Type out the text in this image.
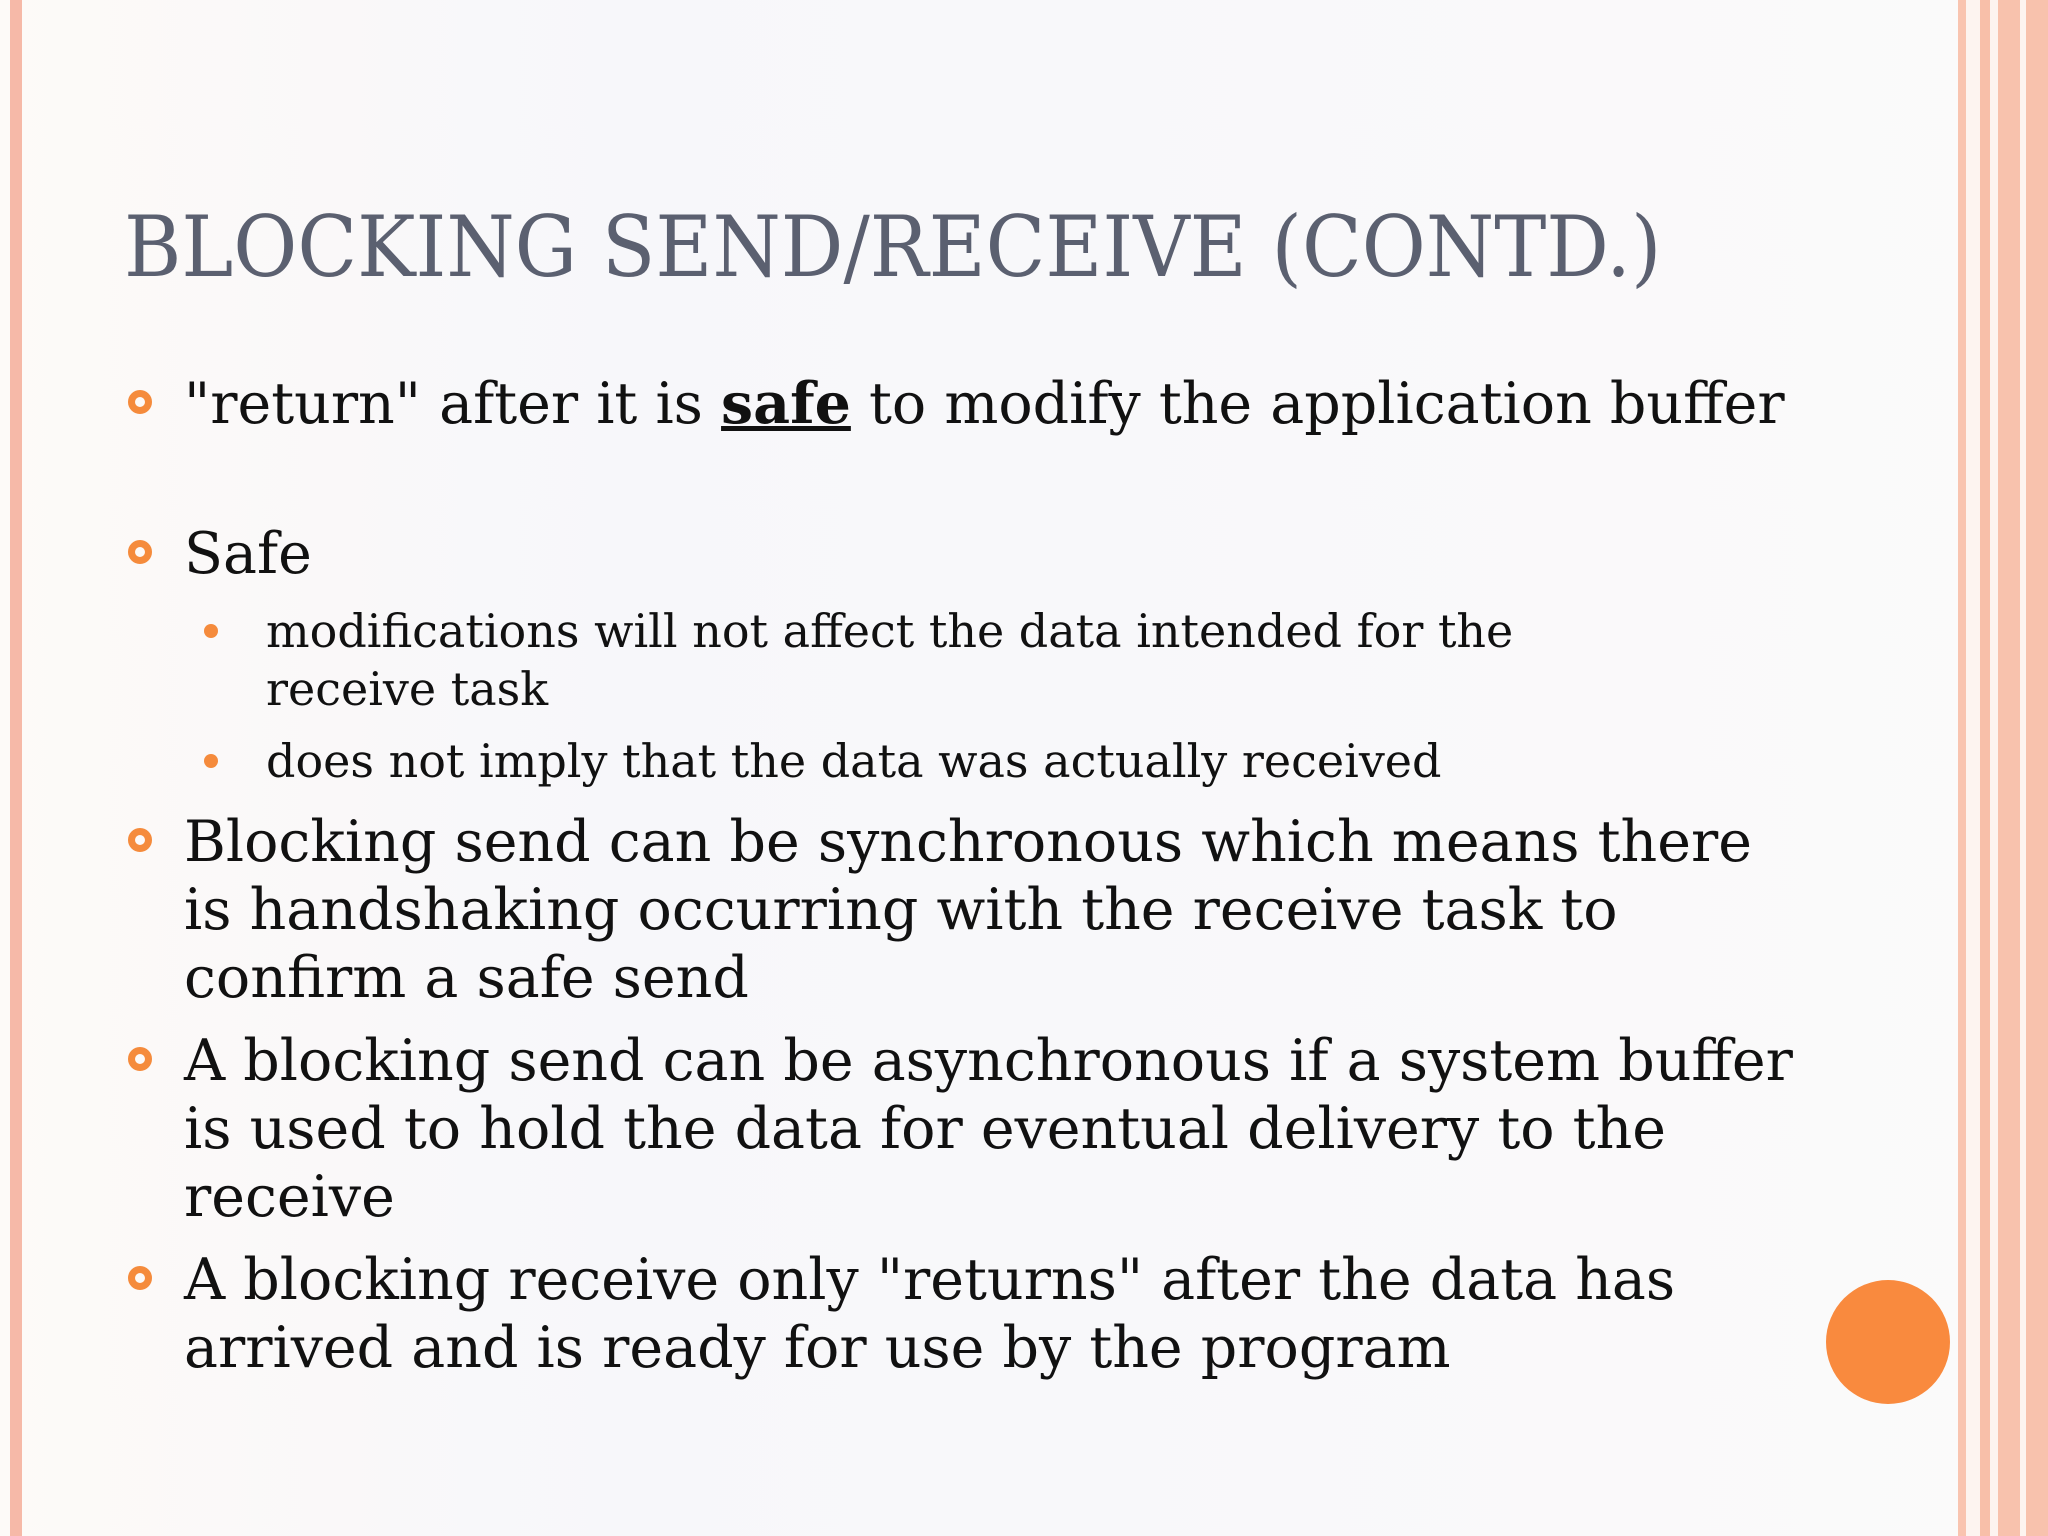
BLOCKING SEND/RECEIVE (CONTD.)
"return" after it is safe to modify the application buffer
Safe
modifications will not affect the data intended for the receive task
does not imply that the data was actually received
Blocking send can be synchronous which means there is handshaking occurring with the receive task to confirm a safe send
A blocking send can be asynchronous if a system buffer is used to hold the data for eventual delivery to the receive
A blocking receive only "returns" after the data has arrived and is ready for use by the program
